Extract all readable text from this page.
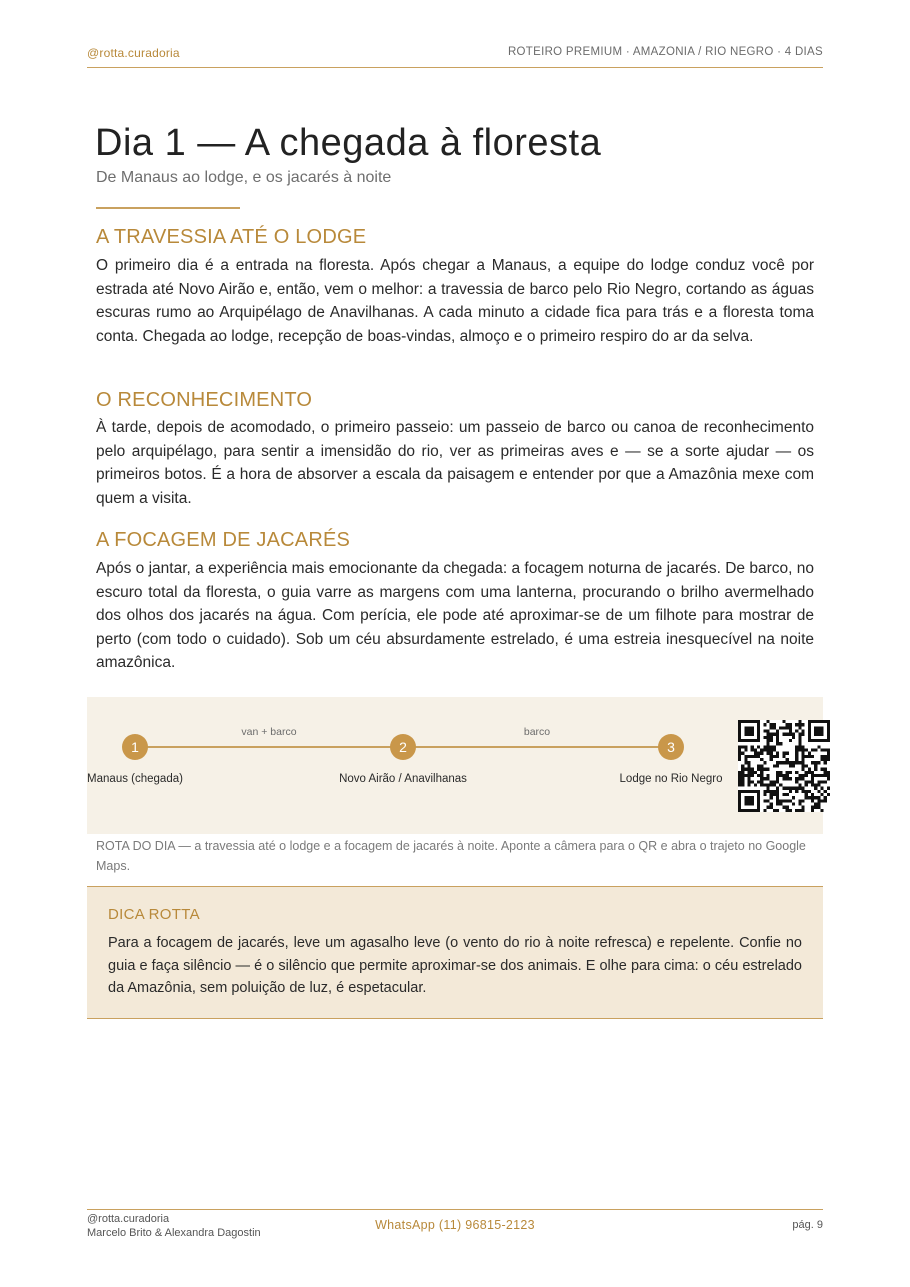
@rotta.curadoria	ROTEIRO PREMIUM · AMAZONIA / RIO NEGRO · 4 DIAS
Dia 1 — A chegada à floresta
De Manaus ao lodge, e os jacarés à noite
A TRAVESSIA ATÉ O LODGE

O primeiro dia é a entrada na floresta. Após chegar a Manaus, a equipe do lodge conduz você por estrada até Novo Airão e, então, vem o melhor: a travessia de barco pelo Rio Negro, cortando as águas escuras rumo ao Arquipélago de Anavilhanas. A cada minuto a cidade fica para trás e a floresta toma conta. Chegada ao lodge, recepção de boas-vindas, almoço e o primeiro respiro do ar da selva.

O RECONHECIMENTO

À tarde, depois de acomodado, o primeiro passeio: um passeio de barco ou canoa de reconhecimento pelo arquipélago, para sentir a imensidão do rio, ver as primeiras aves e — se a sorte ajudar — os primeiros botos. É a hora de absorver a escala da paisagem e entender por que a Amazônia mexe com quem a visita.

A FOCAGEM DE JACARÉS

Após o jantar, a experiência mais emocionante da chegada: a focagem noturna de jacarés. De barco, no escuro total da floresta, o guia varre as margens com uma lanterna, procurando o brilho avermelhado dos olhos dos jacarés na água. Com perícia, ele pode até aproximar-se de um filhote para mostrar de perto (com todo o cuidado). Sob um céu absurdamente estrelado, é uma estreia inesquecível na noite amazônica.

van + barco	barco
1	2	3
Manaus (chegada)	Novo Airão / Anavilhanas	Lodge no Rio Negro
ROTA DO DIA — a travessia até o lodge e a focagem de jacarés à noite. Aponte a câmera para o QR e abra o trajeto no Google Maps.
DICA ROTTA

Para a focagem de jacarés, leve um agasalho leve (o vento do rio à noite refresca) e repelente. Confie no guia e faça silêncio — é o silêncio que permite aproximar-se dos animais. E olhe para cima: o céu estrelado da Amazônia, sem poluição de luz, é espetacular.

@rotta.curadoria
Marcelo Brito & Alexandra Dagostin
WhatsApp (11) 96815-2123	pág. 9
